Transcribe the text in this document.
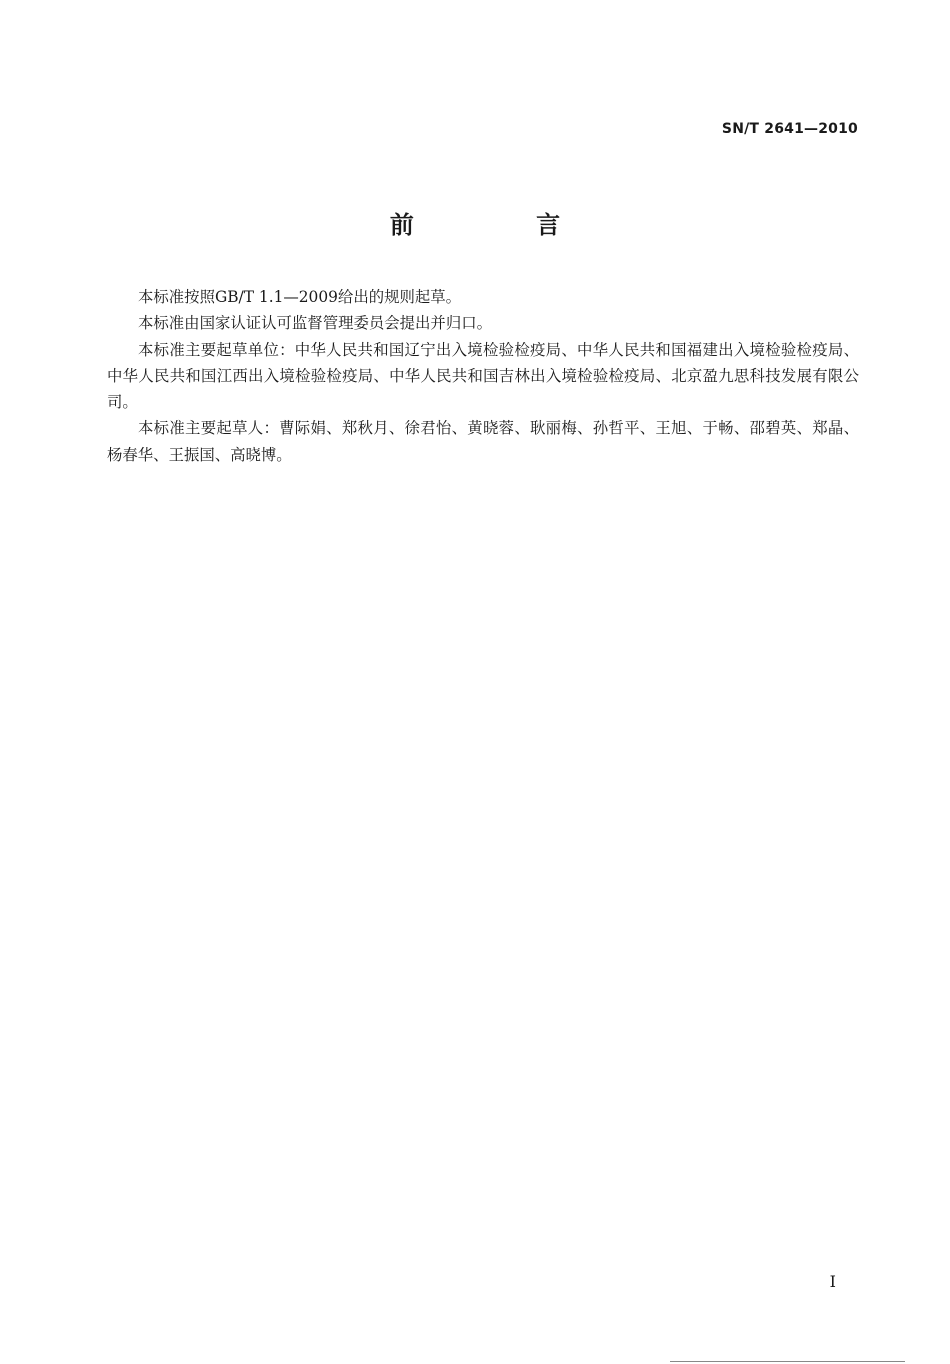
SN/T 2641—2010
前 言

本标准按照GB/T 1.1—2009给出的规则起草。

本标准由国家认证认可监督管理委员会提出并归口。

本标准主要起草单位：中华人民共和国辽宁出入境检验检疫局、中华人民共和国福建出入境检验检疫局、中华人民共和国江西出入境检验检疫局、中华人民共和国吉林出入境检验检疫局、北京盈九思科技发展有限公司。

本标准主要起草人：曹际娟、郑秋月、徐君怡、黄晓蓉、耿丽梅、孙哲平、王旭、于畅、邵碧英、郑晶、杨春华、王振国、高晓博。

I
